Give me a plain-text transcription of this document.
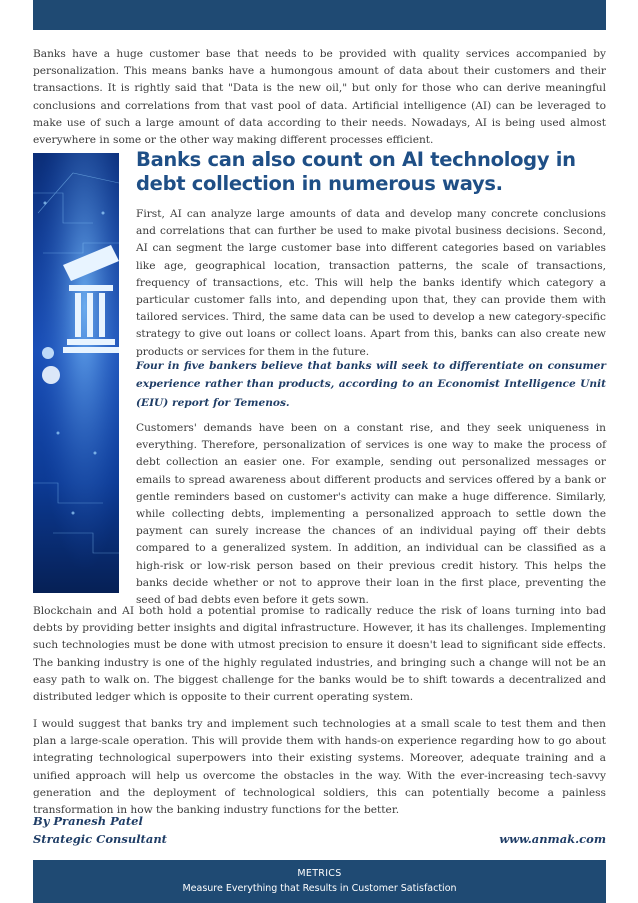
Banks have a huge customer base that needs to be provided with quality services accompanied by personalization. This means banks have a humongous amount of data about their customers and their transactions. It is rightly said that "Data is the new oil," but only for those who can derive meaningful conclusions and correlations from that vast pool of data. Artificial intelligence (AI) can be leveraged to make use of such a large amount of data according to their needs. Nowadays, AI is being used almost everywhere in some or the other way making different processes efficient.

Banks can also count on AI technology in debt collection in numerous ways.

First, AI can analyze large amounts of data and develop many concrete conclusions and correlations that can further be used to make pivotal business decisions. Second, AI can segment the large customer base into different categories based on variables like age, geographical location, transaction patterns, the scale of transactions, frequency of transactions, etc. This will help the banks identify which category a particular customer falls into, and depending upon that, they can provide them with tailored services. Third, the same data can be used to develop a new category-specific strategy to give out loans or collect loans. Apart from this, banks can also create new products or services for them in the future.

Four in five bankers believe that banks will seek to differentiate on consumer experience rather than products, according to an Economist Intelligence Unit (EIU) report for Temenos.

Customers' demands have been on a constant rise, and they seek uniqueness in everything. Therefore, personalization of services is one way to make the process of debt collection an easier one. For example, sending out personalized messages or emails to spread awareness about different products and services offered by a bank or gentle reminders based on customer's activity can make a huge difference. Similarly, while collecting debts, implementing a personalized approach to settle down the payment can surely increase the chances of an individual paying off their debts compared to a generalized system. In addition, an individual can be classified as a high-risk or low-risk person based on their previous credit history. This helps the banks decide whether or not to approve their loan in the first place, preventing the seed of bad debts even before it gets sown.

Blockchain and AI both hold a potential promise to radically reduce the risk of loans turning into bad debts by providing better insights and digital infrastructure. However, it has its challenges. Implementing such technologies must be done with utmost precision to ensure it doesn't lead to significant side effects. The banking industry is one of the highly regulated industries, and bringing such a change will not be an easy path to walk on. The biggest challenge for the banks would be to shift towards a decentralized and distributed ledger which is opposite to their current operating system.

I would suggest that banks try and implement such technologies at a small scale to test them and then plan a large-scale operation. This will provide them with hands-on experience regarding how to go about integrating technological superpowers into their existing systems. Moreover, adequate training and a unified approach will help us overcome the obstacles in the way. With the ever-increasing tech-savvy generation and the deployment of technological soldiers, this can potentially become a painless transformation in how the banking industry functions for the better.

By Pranesh Patel

Strategic Consultant	www.anmak.com

METRICS
Measure Everything that Results in Customer Satisfaction
